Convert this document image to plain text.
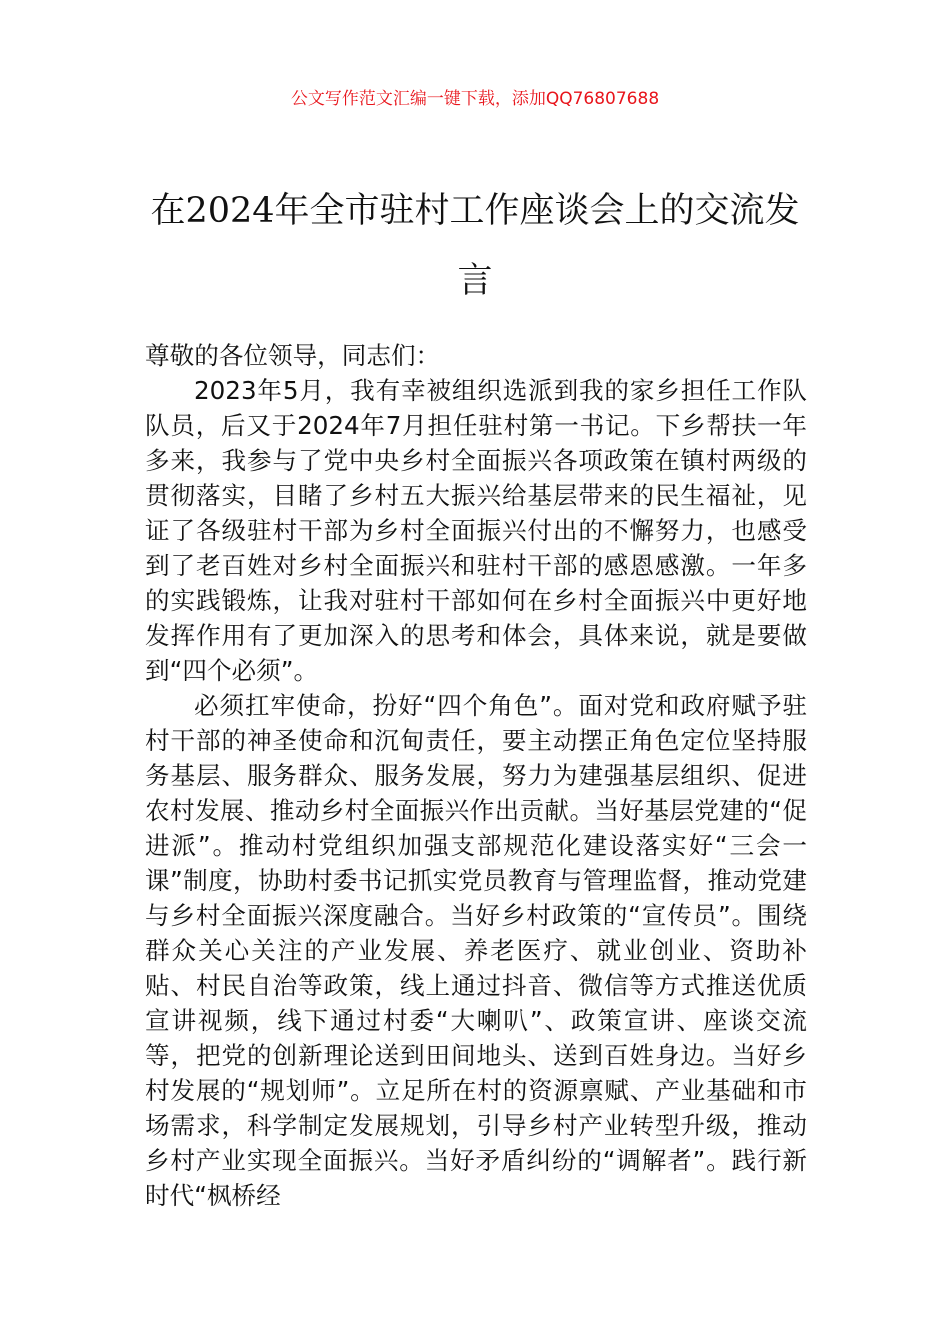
公文写作范文汇编一键下载，添加QQ76807688
在2024年全市驻村工作座谈会上的交流发言

尊敬的各位领导，同志们：

2023年5月，我有幸被组织选派到我的家乡担任工作队队员，后又于2024年7月担任驻村第一书记。下乡帮扶一年多来，我参与了党中央乡村全面振兴各项政策在镇村两级的贯彻落实，目睹了乡村五大振兴给基层带来的民生福祉，见证了各级驻村干部为乡村全面振兴付出的不懈努力，也感受到了老百姓对乡村全面振兴和驻村干部的感恩感激。一年多的实践锻炼，让我对驻村干部如何在乡村全面振兴中更好地发挥作用有了更加深入的思考和体会，具体来说，就是要做到“四个必须”。

必须扛牢使命，扮好“四个角色”。面对党和政府赋予驻村干部的神圣使命和沉甸责任，要主动摆正角色定位坚持服务基层、服务群众、服务发展，努力为建强基层组织、促进农村发展、推动乡村全面振兴作出贡献。当好基层党建的“促进派”。推动村党组织加强支部规范化建设落实好“三会一课”制度，协助村委书记抓实党员教育与管理监督，推动党建与乡村全面振兴深度融合。当好乡村政策的“宣传员”。围绕群众关心关注的产业发展、养老医疗、就业创业、资助补贴、村民自治等政策，线上通过抖音、微信等方式推送优质宣讲视频，线下通过村委“大喇叭”、政策宣讲、座谈交流等，把党的创新理论送到田间地头、送到百姓身边。当好乡村发展的“规划师”。立足所在村的资源禀赋、产业基础和市场需求，科学制定发展规划，引导乡村产业转型升级，推动乡村产业实现全面振兴。当好矛盾纠纷的“调解者”。践行新时代“枫桥经
